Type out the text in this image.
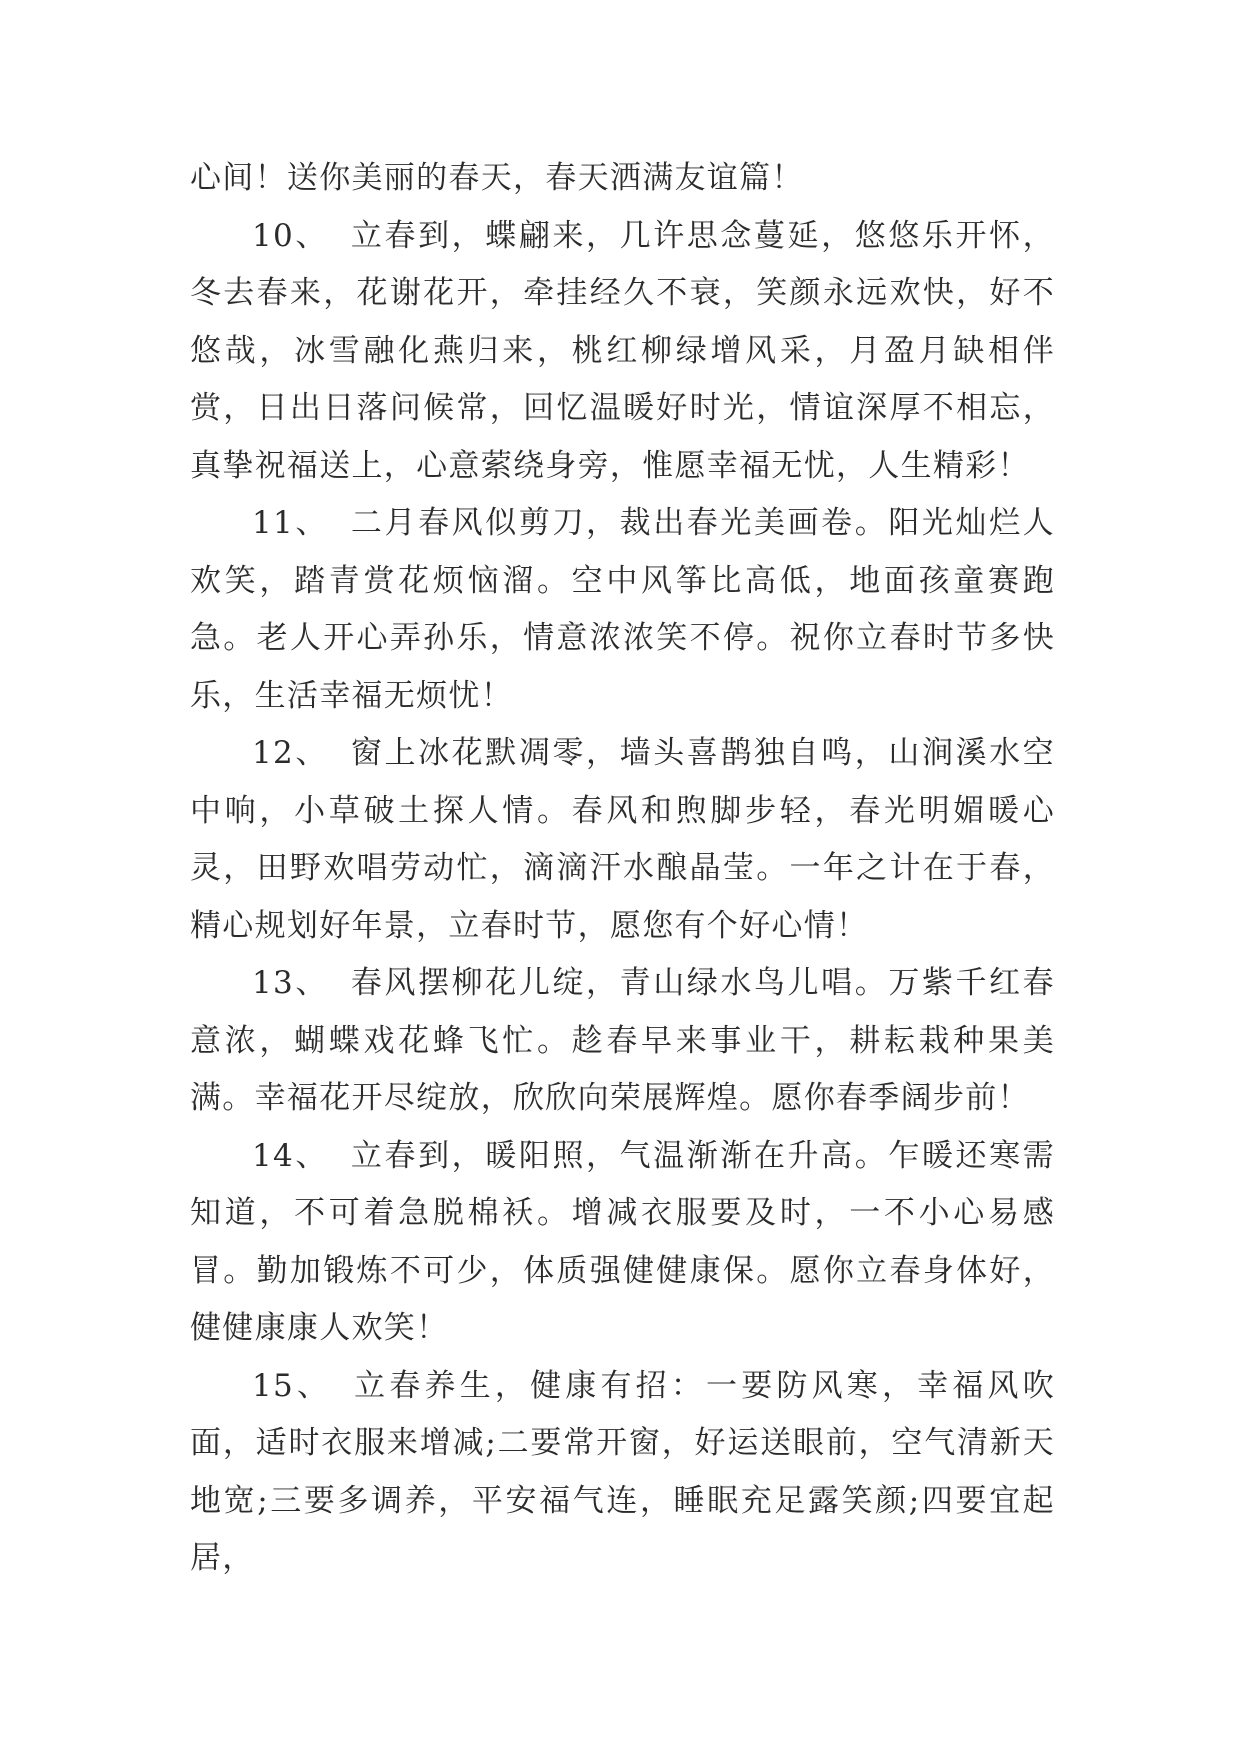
心间！送你美丽的春天，春天洒满友谊篇！

10、 立春到，蝶翩来，几许思念蔓延，悠悠乐开怀，冬去春来，花谢花开，牵挂经久不衰，笑颜永远欢快，好不悠哉，冰雪融化燕归来，桃红柳绿增风采，月盈月缺相伴赏，日出日落问候常，回忆温暖好时光，情谊深厚不相忘，真挚祝福送上，心意萦绕身旁，惟愿幸福无忧，人生精彩！

11、 二月春风似剪刀，裁出春光美画卷。阳光灿烂人欢笑，踏青赏花烦恼溜。空中风筝比高低，地面孩童赛跑急。老人开心弄孙乐，情意浓浓笑不停。祝你立春时节多快乐，生活幸福无烦忧！

12、 窗上冰花默凋零，墙头喜鹊独自鸣，山涧溪水空中响，小草破土探人情。春风和煦脚步轻，春光明媚暖心灵，田野欢唱劳动忙，滴滴汗水酿晶莹。一年之计在于春，精心规划好年景，立春时节，愿您有个好心情！

13、 春风摆柳花儿绽，青山绿水鸟儿唱。万紫千红春意浓，蝴蝶戏花蜂飞忙。趁春早来事业干，耕耘栽种果美满。幸福花开尽绽放，欣欣向荣展辉煌。愿你春季阔步前！

14、 立春到，暖阳照，气温渐渐在升高。乍暖还寒需知道，不可着急脱棉袄。增减衣服要及时，一不小心易感冒。勤加锻炼不可少，体质强健健康保。愿你立春身体好，健健康康人欢笑！

15、 立春养生，健康有招：一要防风寒，幸福风吹面，适时衣服来增减;二要常开窗，好运送眼前，空气清新天地宽;三要多调养，平安福气连，睡眠充足露笑颜;四要宜起居，
